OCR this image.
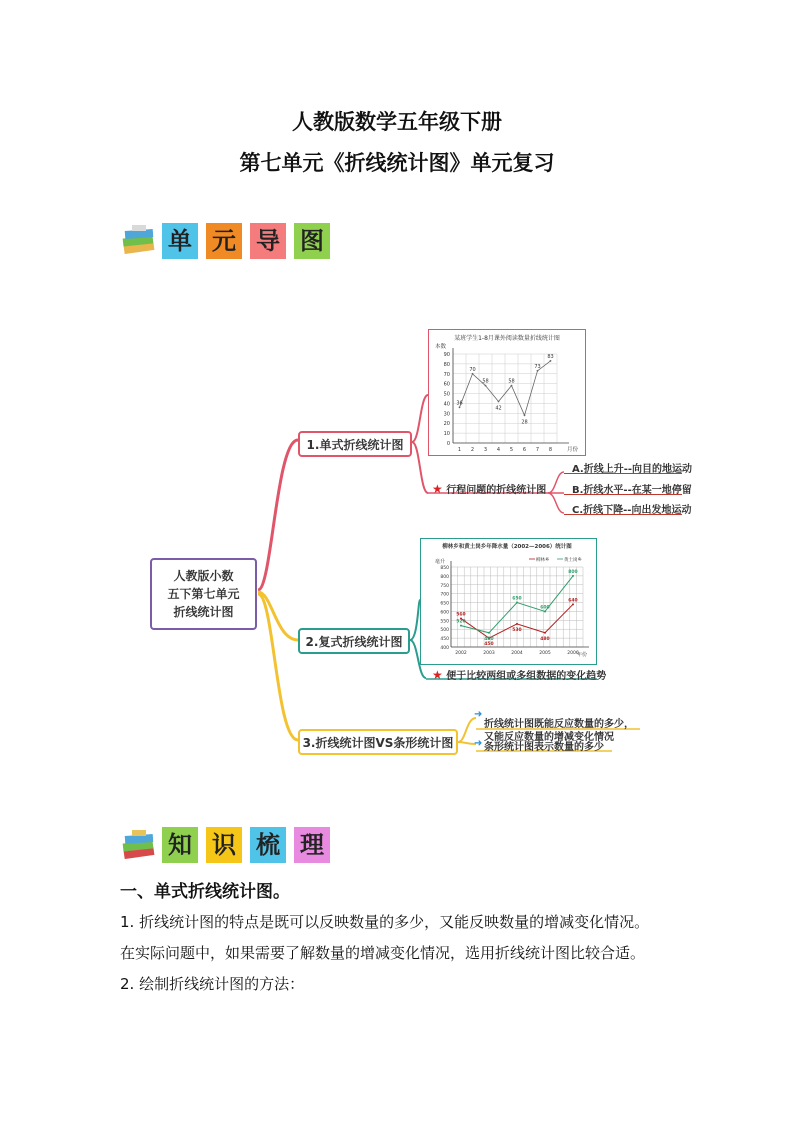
人教版数学五年级下册
第七单元《折线统计图》单元复习
单 元 导 图
人教版小数
五下第七单元
折线统计图
1.单式折线统计图
2.复式折线统计图
3.折线统计图VS条形统计图
★ 行程问题的折线统计图
A.折线上升--向目的地运动
B.折线水平--在某一地停留
C.折线下降--向出发地运动
★ 便于比较两组或多组数据的变化趋势

➜
折线统计图既能反应数量的多少，
又能反应数量的增减变化情况

➜ 条形统计图表示数量的多少
某班学生1-8月课外阅读数量折线统计图
本数
月份
0
10
20
30
40
50
60
70
80
90
1 2 3 4 5 6 7 8
36
70
58
42
58
28
73
83
柳林乡和黄土岗乡年降水量（2002—2006）统计图
毫升
年份
400
450
500
550
600
650
700
750
800
850
2002	2003	2004	2005	2006
柳林乡	黄土岗乡
560
450
530
480
640
520
480
650
600
800
知 识 梳 理
一、单式折线统计图。
1. 折线统计图的特点是既可以反映数量的多少，又能反映数量的增减变化情况。
在实际问题中，如果需要了解数量的增减变化情况，选用折线统计图比较合适。
2. 绘制折线统计图的方法：
